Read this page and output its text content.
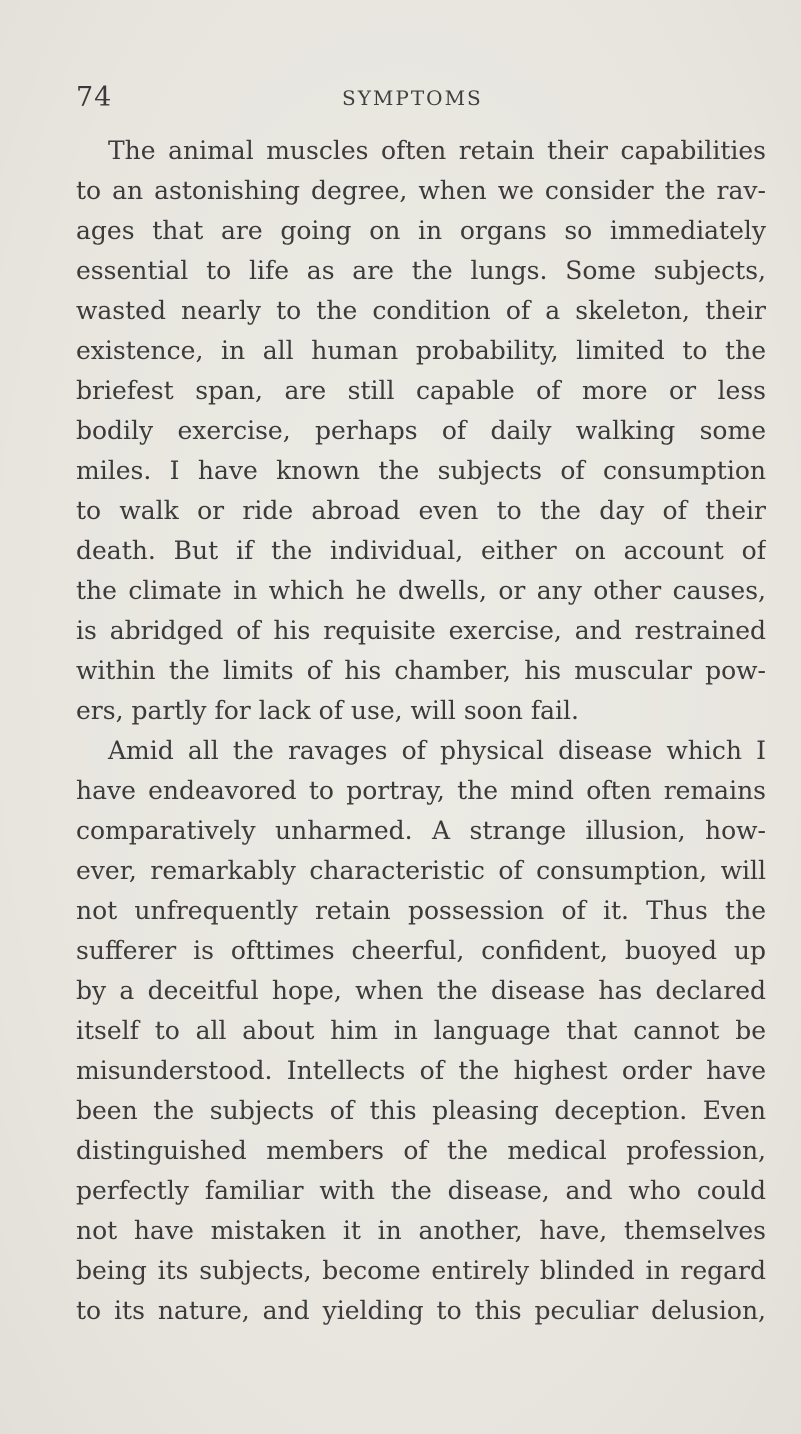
74	SYMPTOMS
The animal muscles often retain their capabilities
to an astonishing degree, when we consider the rav-
ages that are going on in organs so immediately
essential to life as are the lungs. Some subjects,
wasted nearly to the condition of a skeleton, their
existence, in all human probability, limited to the
briefest span, are still capable of more or less
bodily exercise, perhaps of daily walking some
miles. I have known the subjects of consumption
to walk or ride abroad even to the day of their
death. But if the individual, either on account of
the climate in which he dwells, or any other causes,
is abridged of his requisite exercise, and restrained
within the limits of his chamber, his muscular pow-
ers, partly for lack of use, will soon fail.
Amid all the ravages of physical disease which I
have endeavored to portray, the mind often remains
comparatively unharmed. A strange illusion, how-
ever, remarkably characteristic of consumption, will
not unfrequently retain possession of it. Thus the
sufferer is ofttimes cheerful, confident, buoyed up
by a deceitful hope, when the disease has declared
itself to all about him in language that cannot be
misunderstood. Intellects of the highest order have
been the subjects of this pleasing deception. Even
distinguished members of the medical profession,
perfectly familiar with the disease, and who could
not have mistaken it in another, have, themselves
being its subjects, become entirely blinded in regard
to its nature, and yielding to this peculiar delusion,
